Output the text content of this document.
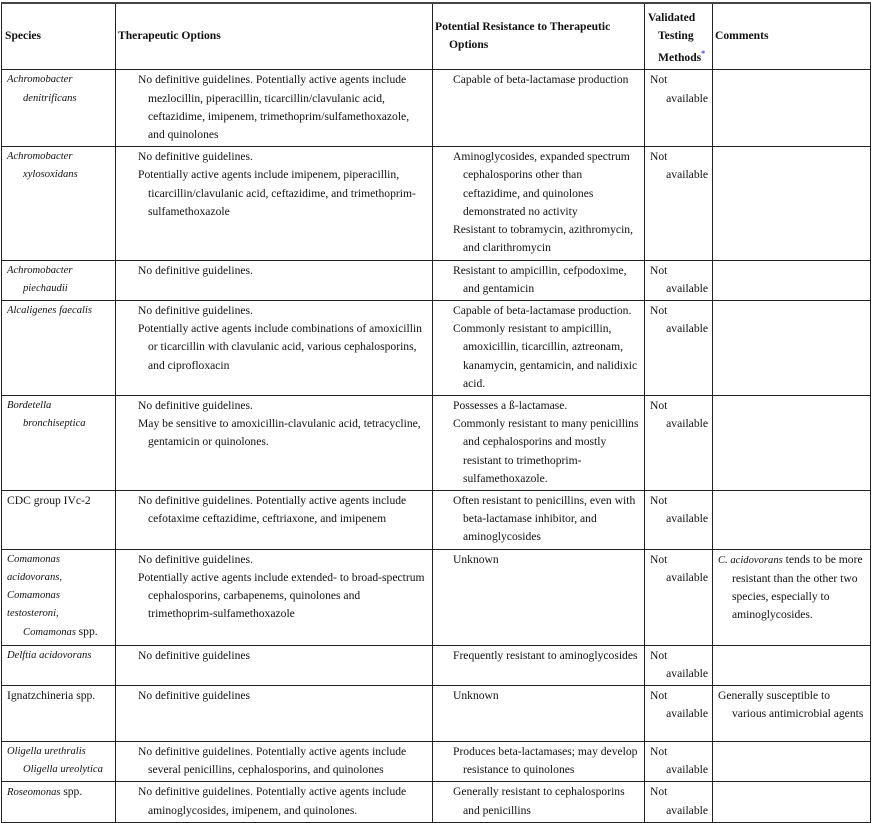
Species	Therapeutic Options	Potential Resistance to Therapeutic Options	Validated
Testing
Methods*	Comments

Achromobacter
denitrificans	No definitive guidelines. Potentially active agents include mezlocillin, piperacillin, ticarcillin/clavulanic acid, ceftazidime, imipenem, trimethoprim/sulfamethoxazole, and quinolones	Capable of beta-lactamase production	Not
available	

Achromobacter
xylosoxidans	No definitive guidelines.
Potentially active agents include imipenem, piperacillin, ticarcillin/clavulanic acid, ceftazidime, and trimethoprim-sulfamethoxazole	Aminoglycosides, expanded spectrum cephalosporins other than ceftazidime, and quinolones demonstrated no activity
Resistant to tobramycin, azithromycin, and clarithromycin	Not
available	

Achromobacter
piechaudii	No definitive guidelines.	Resistant to ampicillin, cefpodoxime, and gentamicin	Not
available	

Alcaligenes faecalis	No definitive guidelines.
Potentially active agents include combinations of amoxicillin or ticarcillin with clavulanic acid, various cephalosporins, and ciprofloxacin	Capable of beta-lactamase production.
Commonly resistant to ampicillin, amoxicillin, ticarcillin, aztreonam, kanamycin, gentamicin, and nalidixic acid.	Not
available	

Bordetella
bronchiseptica	No definitive guidelines.
May be sensitive to amoxicillin-clavulanic acid, tetracycline, gentamicin or quinolones.	Possesses a ß-lactamase.
Commonly resistant to many penicillins and cephalosporins and mostly resistant to trimethoprim-sulfamethoxazole.	Not
available	

CDC group IVc-2	No definitive guidelines. Potentially active agents include cefotaxime ceftazidime, ceftriaxone, and imipenem	Often resistant to penicillins, even with beta-lactamase inhibitor, and aminoglycosides	Not
available	

Comamonas
acidovorans,
Comamonas
testosteroni,
Comamonas spp.	No definitive guidelines.
Potentially active agents include extended- to broad-spectrum cephalosporins, carbapenems, quinolones and trimethoprim-sulfamethoxazole	Unknown	Not
available	C. acidovorans tends to be more resistant than the other two species, especially to aminoglycosides.

Delftia acidovorans	No definitive guidelines	Frequently resistant to aminoglycosides	Not
available	

Ignatzchineria spp.	No definitive guidelines	Unknown	Not
available	Generally susceptible to various antimicrobial agents

Oligella urethralis
Oligella ureolytica	No definitive guidelines. Potentially active agents include several penicillins, cephalosporins, and quinolones	Produces beta-lactamases; may develop resistance to quinolones	Not
available	

Roseomonas spp.	No definitive guidelines. Potentially active agents include aminoglycosides, imipenem, and quinolones.	Generally resistant to cephalosporins and penicillins	Not
available	
